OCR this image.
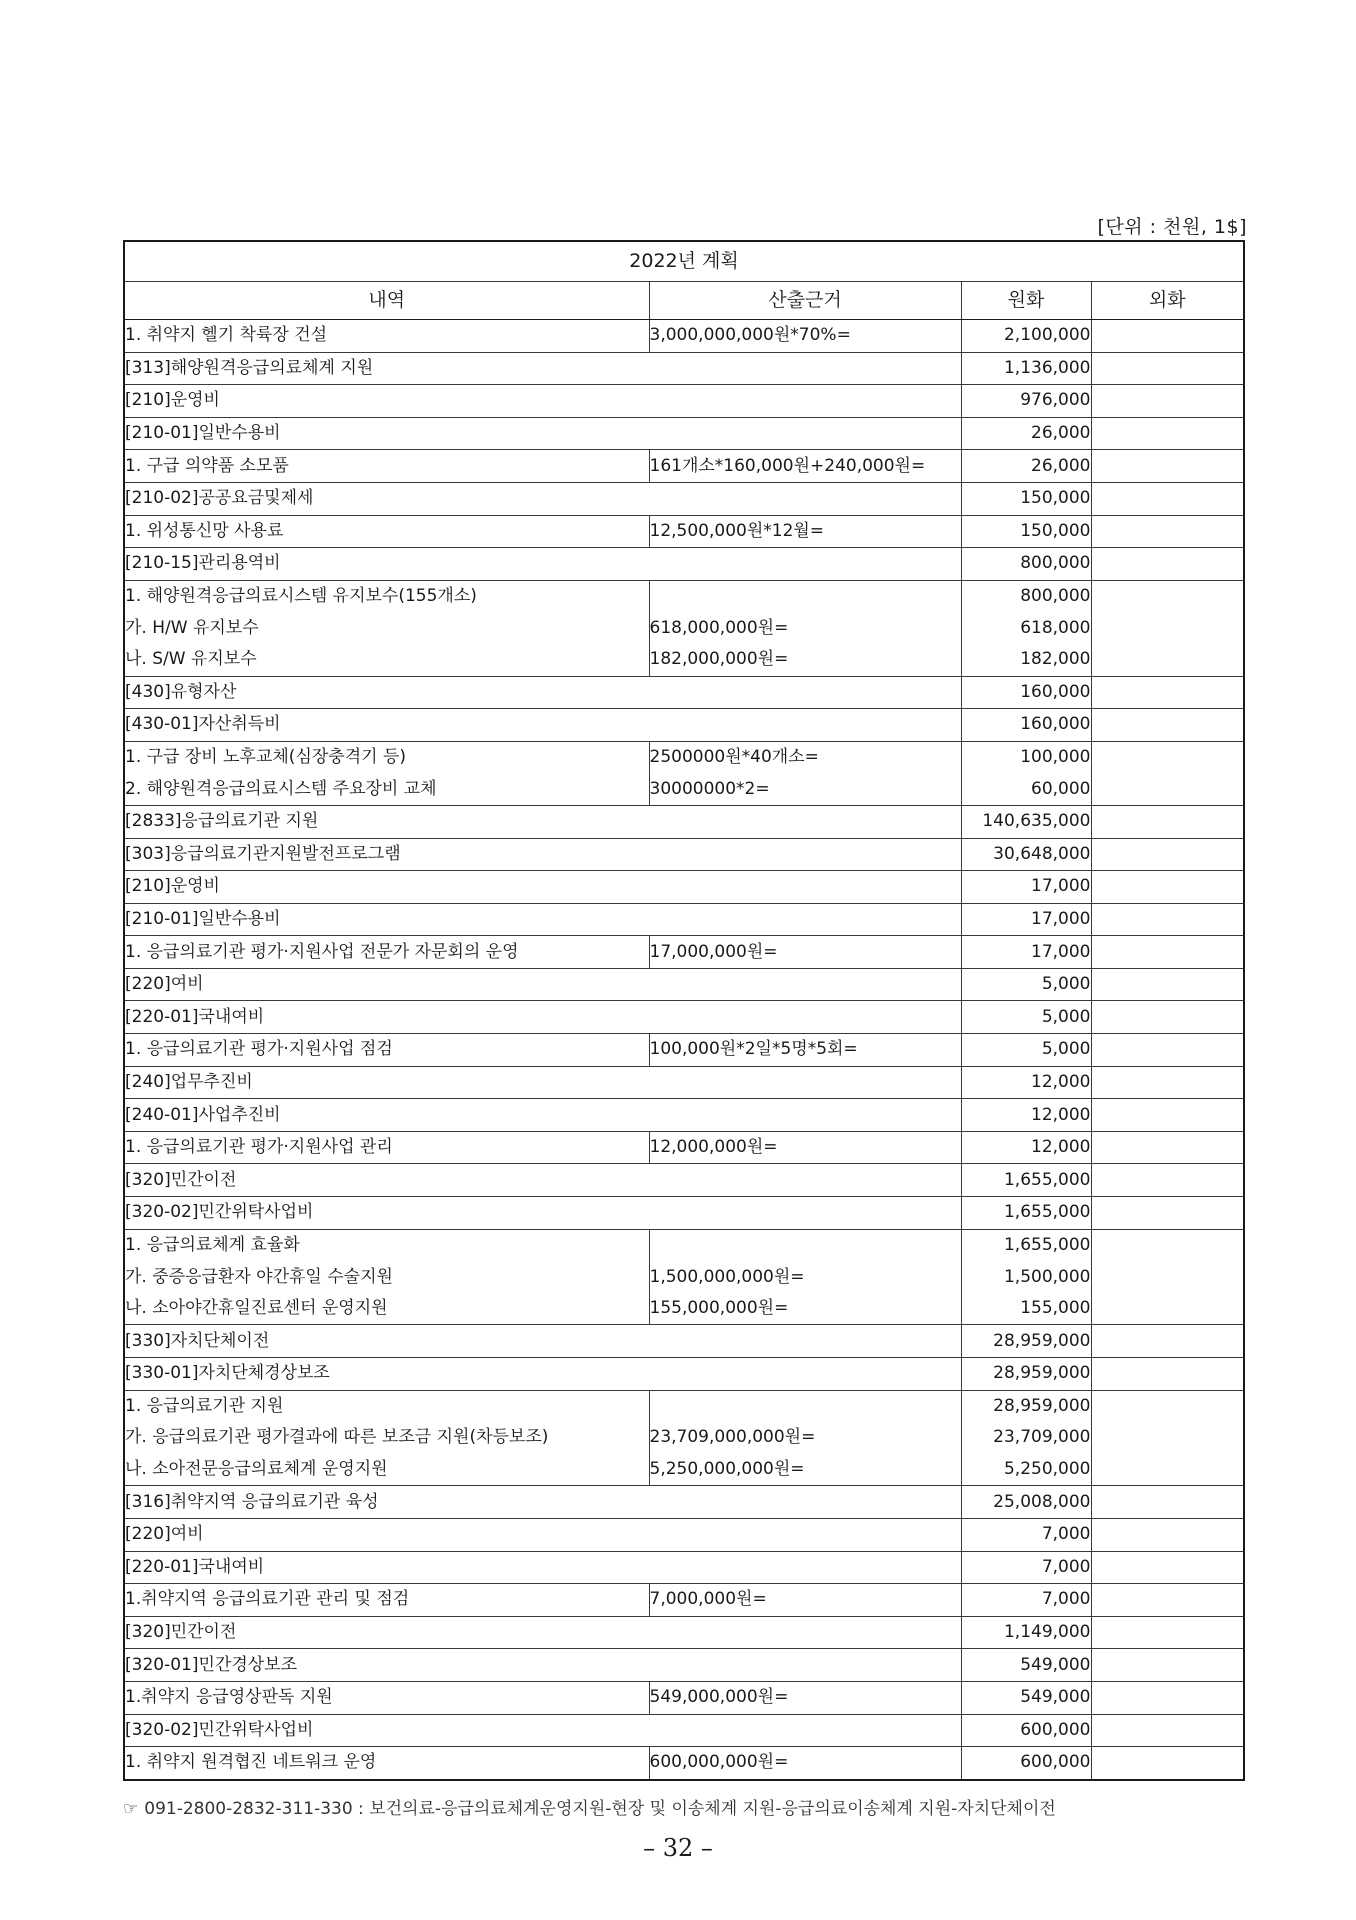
[단위 : 천원, 1$]
2022년 계획			
내역	산출근거	원화	외화
1. 취약지 헬기 착륙장 건설	3,000,000,000원*70%=	2,100,000	
[313]해양원격응급의료체계 지원		1,136,000	
[210]운영비		976,000	
[210-01]일반수용비		26,000	
1. 구급 의약품 소모품	161개소*160,000원+240,000원=	26,000	
[210-02]공공요금및제세		150,000	
1. 위성통신망 사용료	12,500,000원*12월=	150,000	
[210-15]관리용역비		800,000	
1. 해양원격응급의료시스템 유지보수(155개소)		800,000	
가. H/W 유지보수	618,000,000원=	618,000	
나. S/W 유지보수	182,000,000원=	182,000	
[430]유형자산		160,000	
[430-01]자산취득비		160,000	
1. 구급 장비 노후교체(심장충격기 등)	2500000원*40개소=	100,000	
2. 해양원격응급의료시스템 주요장비 교체	30000000*2=	60,000	
[2833]응급의료기관 지원		140,635,000	
[303]응급의료기관지원발전프로그램		30,648,000	
[210]운영비		17,000	
[210-01]일반수용비		17,000	
1. 응급의료기관 평가·지원사업 전문가 자문회의 운영	17,000,000원=	17,000	
[220]여비		5,000	
[220-01]국내여비		5,000	
1. 응급의료기관 평가·지원사업 점검	100,000원*2일*5명*5회=	5,000	
[240]업무추진비		12,000	
[240-01]사업추진비		12,000	
1. 응급의료기관 평가·지원사업 관리	12,000,000원=	12,000	
[320]민간이전		1,655,000	
[320-02]민간위탁사업비		1,655,000	
1. 응급의료체계 효율화		1,655,000	
가. 중증응급환자 야간휴일 수술지원	1,500,000,000원=	1,500,000	
나. 소아야간휴일진료센터 운영지원	155,000,000원=	155,000	
[330]자치단체이전		28,959,000	
[330-01]자치단체경상보조		28,959,000	
1. 응급의료기관 지원		28,959,000	
가. 응급의료기관 평가결과에 따른 보조금 지원(차등보조)	23,709,000,000원=	23,709,000	
나. 소아전문응급의료체계 운영지원	5,250,000,000원=	5,250,000	
[316]취약지역 응급의료기관 육성		25,008,000	
[220]여비		7,000	
[220-01]국내여비		7,000	
1.취약지역 응급의료기관 관리 및 점검	7,000,000원=	7,000	
[320]민간이전		1,149,000	
[320-01]민간경상보조		549,000	
1.취약지 응급영상판독 지원	549,000,000원=	549,000	
[320-02]민간위탁사업비		600,000	
1. 취약지 원격협진 네트워크 운영	600,000,000원=	600,000	
☞ 091-2800-2832-311-330 : 보건의료-응급의료체계운영지원-현장 및 이송체계 지원-응급의료이송체계 지원-자치단체이전
– 32 –
